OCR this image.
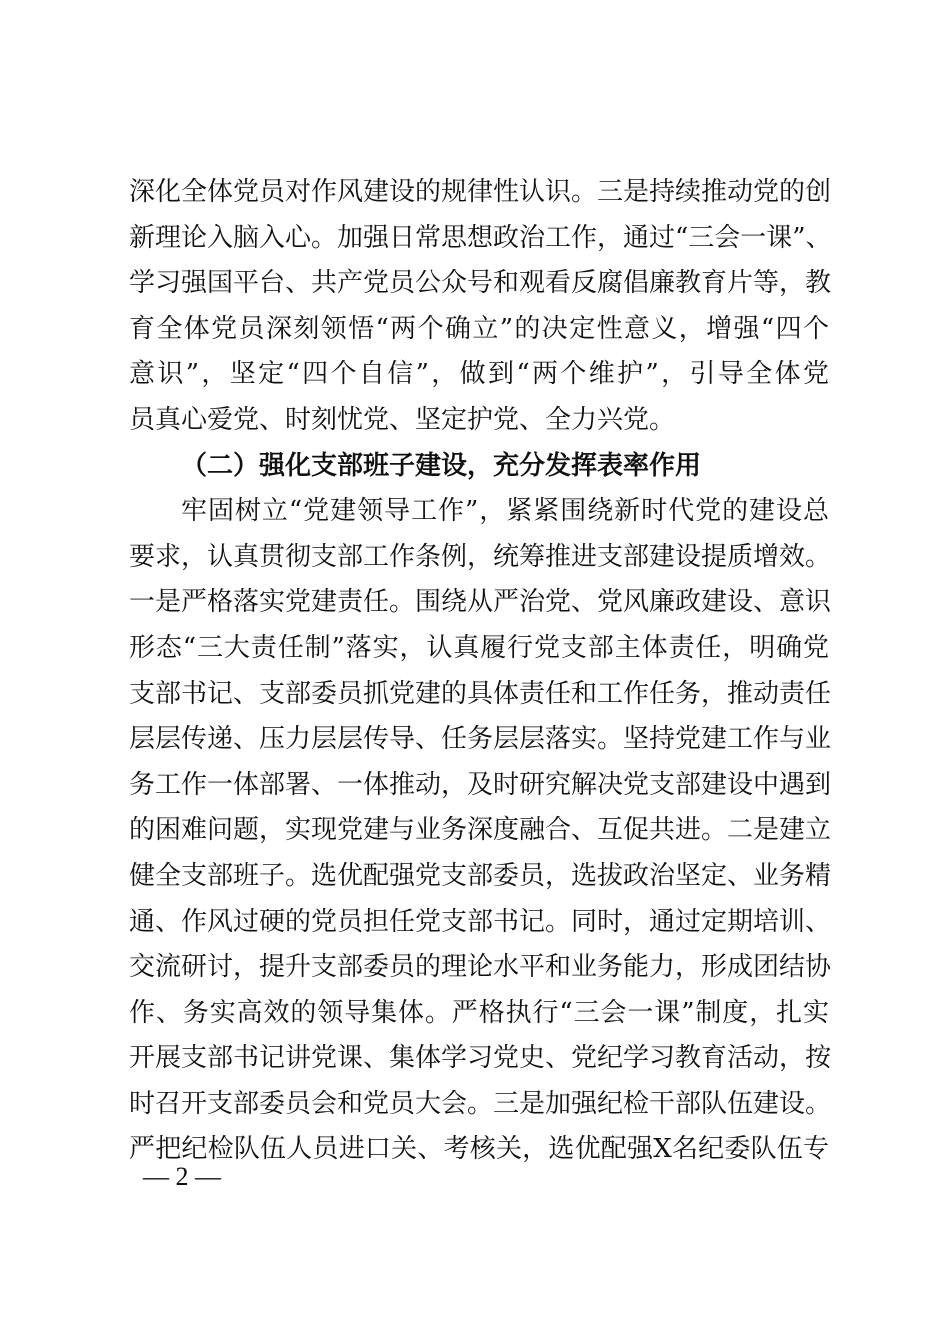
深化全体党员对作风建设的规律性认识。三是持续推动党的创
新理论入脑入心。加强日常思想政治工作，通过“三会一课”、
学习强国平台、共产党员公众号和观看反腐倡廉教育片等，教
育全体党员深刻领悟“两个确立”的决定性意义，增强“四个
意识”，坚定“四个自信”，做到“两个维护”，引导全体党
员真心爱党、时刻忧党、坚定护党、全力兴党。
（二）强化支部班子建设，充分发挥表率作用
牢固树立“党建领导工作”，紧紧围绕新时代党的建设总
要求，认真贯彻支部工作条例，统筹推进支部建设提质增效。
一是严格落实党建责任。围绕从严治党、党风廉政建设、意识
形态“三大责任制”落实，认真履行党支部主体责任，明确党
支部书记、支部委员抓党建的具体责任和工作任务，推动责任
层层传递、压力层层传导、任务层层落实。坚持党建工作与业
务工作一体部署、一体推动，及时研究解决党支部建设中遇到
的困难问题，实现党建与业务深度融合、互促共进。二是建立
健全支部班子。选优配强党支部委员，选拔政治坚定、业务精
通、作风过硬的党员担任党支部书记。同时，通过定期培训、
交流研讨，提升支部委员的理论水平和业务能力，形成团结协
作、务实高效的领导集体。严格执行“三会一课”制度，扎实
开展支部书记讲党课、集体学习党史、党纪学习教育活动，按
时召开支部委员会和党员大会。三是加强纪检干部队伍建设。
严把纪检队伍人员进口关、考核关，选优配强X名纪委队伍专
— 2 —
